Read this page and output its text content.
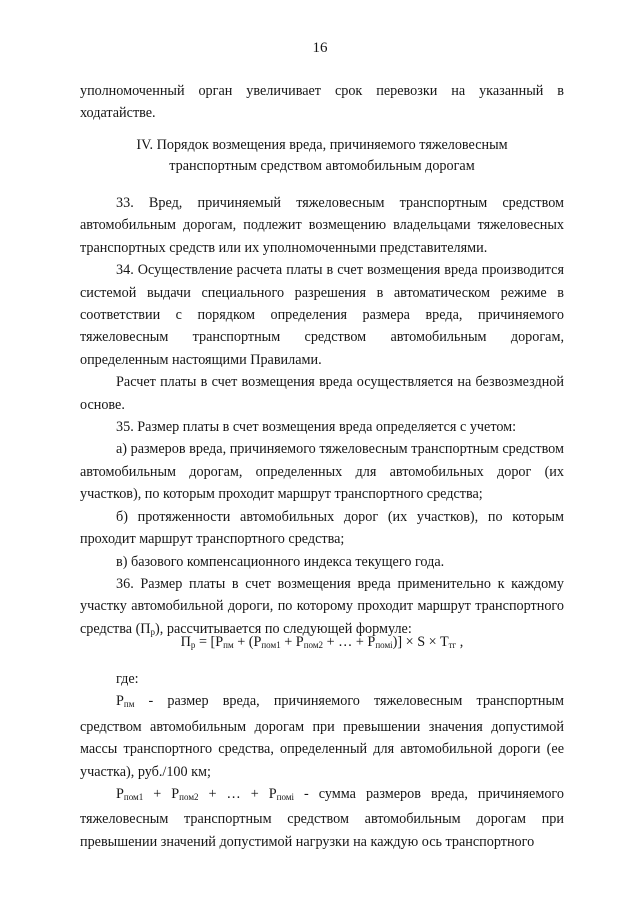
16

уполномоченный орган увеличивает срок перевозки на указанный в ходатайстве.

IV. Порядок возмещения вреда, причиняемого тяжеловесным
транспортным средством автомобильным дорогам

33. Вред, причиняемый тяжеловесным транспортным средством автомобильным дорогам, подлежит возмещению владельцами тяжеловесных транспортных средств или их уполномоченными представителями.

34. Осуществление расчета платы в счет возмещения вреда производится системой выдачи специального разрешения в автоматическом режиме в соответствии с порядком определения размера вреда, причиняемого тяжеловесным транспортным средством автомобильным дорогам, определенным настоящими Правилами.

Расчет платы в счет возмещения вреда осуществляется на безвозмездной основе.

35. Размер платы в счет возмещения вреда определяется с учетом:

а) размеров вреда, причиняемого тяжеловесным транспортным средством автомобильным дорогам, определенных для автомобильных дорог (их участков), по которым проходит маршрут транспортного средства;

б) протяженности автомобильных дорог (их участков), по которым проходит маршрут транспортного средства;

в) базового компенсационного индекса текущего года.

36. Размер платы в счет возмещения вреда применительно к каждому участку автомобильной дороги, по которому проходит маршрут транспортного средства $(П_р)$, рассчитывается по следующей формуле:

$П_р = [Р_{пм} + (Р_{пом1} + Р_{пом2}$ + … + $Р_{помi})] \times S \times T_{тг}$ ,

где:

$Р_{пм}$ - размер вреда, причиняемого тяжеловесным транспортным средством автомобильным дорогам при превышении значения допустимой массы транспортного средства, определенный для автомобильной дороги (ее участка), руб./100 км;

$Р_{пом1} + Р_{пом2}$ + … + $Р_{помi}$ - сумма размеров вреда, причиняемого тяжеловесным транспортным средством автомобильным дорогам при превышении значений допустимой нагрузки на каждую ось транспортного
